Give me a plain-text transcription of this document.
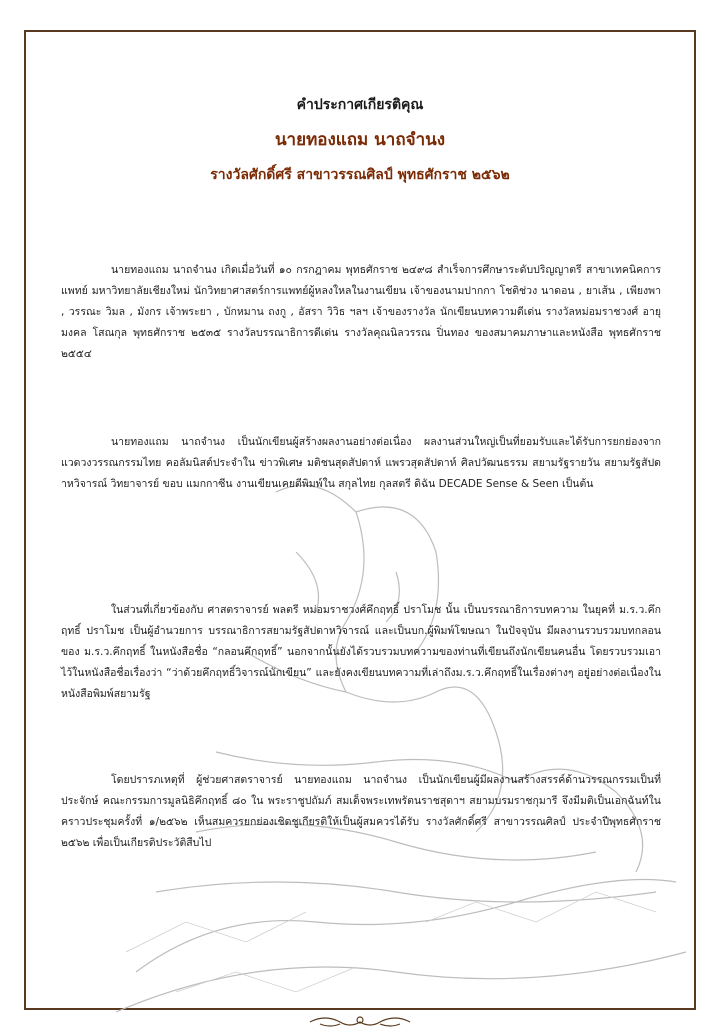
คำประกาศเกียรติคุณ
นายทองแถม นาถจำนง
รางวัลศักดิ์ศรี สาขาวรรณศิลป์ พุทธศักราช ๒๕๖๒
นายทองแถม นาถจำนง เกิดเมื่อวันที่ ๑๐ กรกฎาคม พุทธศักราช ๒๔๙๘ สำเร็จการศึกษาระดับปริญญาตรี สาขาเทคนิคการแพทย์ มหาวิทยาลัยเชียงใหม่ นักวิทยาศาสตร์การแพทย์ผู้หลงใหลในงานเขียน เจ้าของนามปากกา โชติช่วง นาดอน , ยาเส้น , เพียงพา , วรรณะ วิมล , มังกร เจ้าพระยา , บักหมาน ถงกู , อัสรา วิวิธ ฯลฯ เจ้าของรางวัล นักเขียนบทความดีเด่น รางวัลหม่อมราชวงศ์ อายุมงคล โสณกุล พุทธศักราช ๒๕๓๕ รางวัลบรรณาธิการดีเด่น รางวัลคุณนิลวรรณ ปิ่นทอง ของสมาคมภาษาและหนังสือ พุทธศักราช ๒๕๕๔
นายทองแถม นาถจำนง เป็นนักเขียนผู้สร้างผลงานอย่างต่อเนื่อง ผลงานส่วนใหญ่เป็นที่ยอมรับและได้รับการยกย่องจากแวดวงวรรณกรรมไทย คอลัมนิสต์ประจำใน ข่าวพิเศษ มติชนสุดสัปดาห์ แพรวสุดสัปดาห์ ศิลปวัฒนธรรม สยามรัฐรายวัน สยามรัฐสัปดาหวิจารณ์ วิทยาจารย์ ขอบ แมกกาซีน งานเขียนเคยตีพิมพ์ใน สกุลไทย กุลสตรี ดิฉัน DECADE Sense & Seen เป็นต้น
ในส่วนที่เกี่ยวข้องกับ ศาสตราจารย์ พลตรี หม่อมราชวงศ์คึกฤทธิ์ ปราโมช นั้น เป็นบรรณาธิการบทความ ในยุคที่ ม.ร.ว.คึกฤทธิ์ ปราโมช เป็นผู้อำนวยการ บรรณาธิการสยามรัฐสัปดาหวิจารณ์ และเป็นบก.ผู้พิมพ์โฆษณา ในปัจจุบัน มีผลงานรวบรวมบทกลอนของ ม.ร.ว.คึกฤทธิ์ ในหนังสือชื่อ “กลอนคึกฤทธิ์” นอกจากนั้นยังได้รวบรวมบทความของท่านที่เขียนถึงนักเขียนคนอื่น โดยรวบรวมเอาไว้ในหนังสือชื่อเรื่องว่า “ว่าด้วยคึกฤทธิ์วิจารณ์นักเขียน” และยังคงเขียนบทความที่เล่าถึงม.ร.ว.คึกฤทธิ์ในเรื่องต่างๆ อยู่อย่างต่อเนื่องในหนังสือพิมพ์สยามรัฐ
โดยปรารภเหตุที่ ผู้ช่วยศาสตราจารย์ นายทองแถม นาถจำนง เป็นนักเขียนผู้มีผลงานสร้างสรรค์ด้านวรรณกรรมเป็นที่ประจักษ์ คณะกรรมการมูลนิธิคึกฤทธิ์ ๘๐ ใน พระราชูปถัมภ์ สมเด็จพระเทพรัตนราชสุดาฯ สยามบรมราชกุมารี จึงมีมติเป็นเอกฉันท์ในคราวประชุมครั้งที่ ๑/๒๕๖๒ เห็นสมควรยกย่องเชิดชูเกียรติให้เป็นผู้สมควรได้รับ รางวัลศักดิ์ศรี สาขาวรรณศิลป์ ประจำปีพุทธศักราช ๒๕๖๒ เพื่อเป็นเกียรติประวัติสืบไป
